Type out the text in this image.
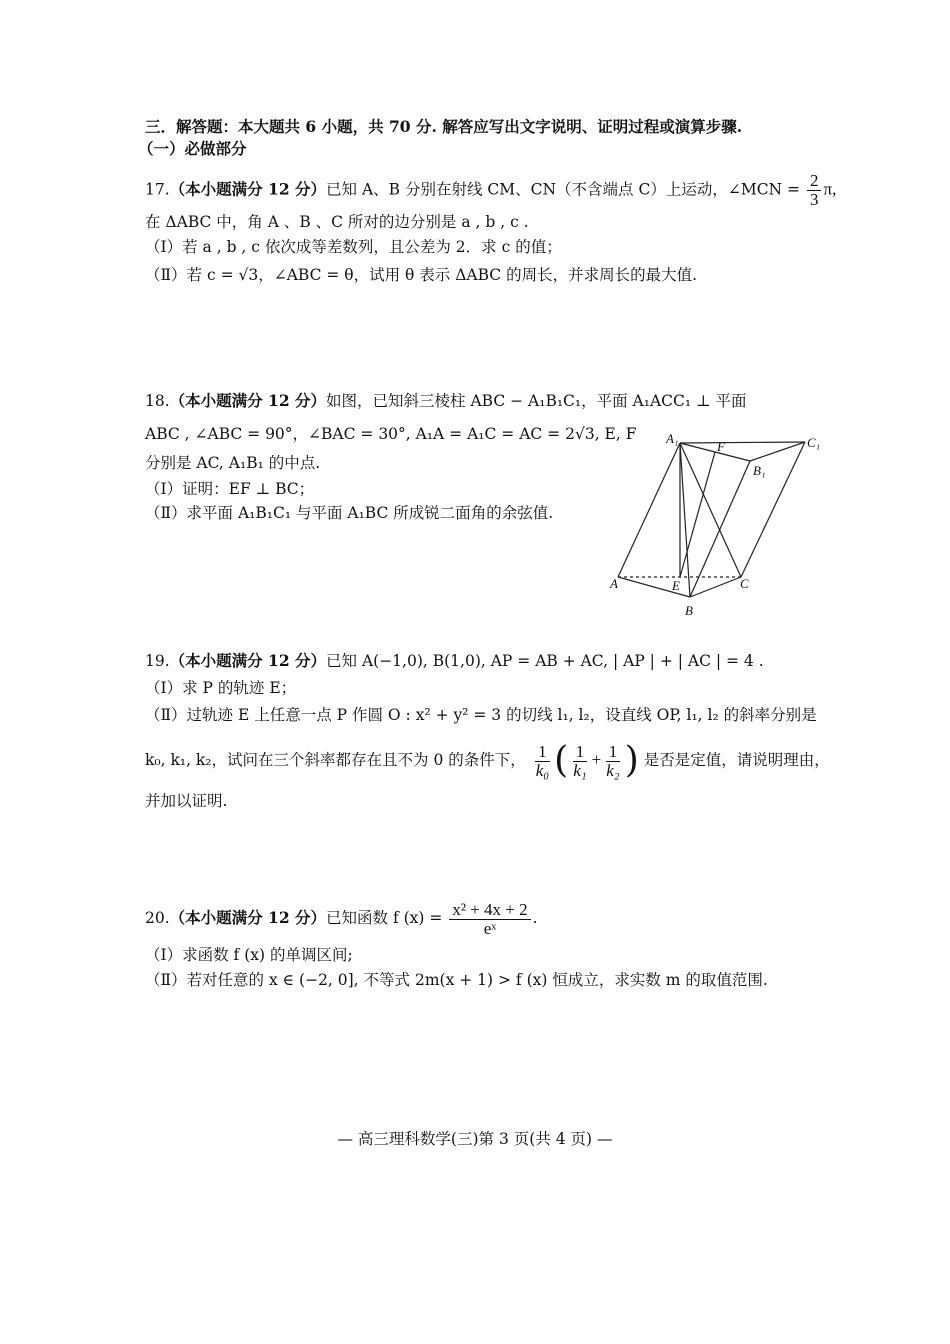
三．解答题：本大题共 6 小题，共 70 分. 解答应写出文字说明、证明过程或演算步骤.
（一）必做部分
17.（本小题满分 12 分）已知 A、B 分别在射线 CM、CN（不含端点 C）上运动，∠MCN = $\frac{2}{3} \pi$,
在 ΔABC 中，角 A 、B 、C 所对的边分别是 a , b , c .
（Ⅰ）若 a , b , c 依次成等差数列，且公差为 2．求 c 的值；
（Ⅱ）若 c = √3，∠ABC = θ，试用 θ 表示 ΔABC 的周长，并求周长的最大值.
18.（本小题满分 12 分）如图，已知斜三棱柱 ABC − A₁B₁C₁，平面 A₁ACC₁ ⊥ 平面
ABC , ∠ABC = 90°，∠BAC = 30°, A₁A = A₁C = AC = 2√3, E, F
分别是 AC, A₁B₁ 的中点.
（Ⅰ）证明：EF ⊥ BC；
（Ⅱ）求平面 A₁B₁C₁ 与平面 A₁BC 所成锐二面角的余弦值.
A₁
F	C₁
B₁
A	E	C
B
19.（本小题满分 12 分）已知 A(−1,0), B(1,0), AP = AB + AC, | AP | + | AC | = 4 .
（Ⅰ）求 P 的轨迹 E；
（Ⅱ）过轨迹 E 上任意一点 P 作圆 O : x² + y² = 3 的切线 l₁, l₂，设直线 OP, l₁, l₂ 的斜率分别是
k₀, k₁, k₂，试问在三个斜率都存在且不为 0 的条件下， $\frac{1}{\text{k₀}}$ ( $\frac{1}{\text{k₁}} + \frac{1}{\text{k₂}}$ ) 是否是定值，请说明理由，
并加以证明.
20.（本小题满分 12 分）已知函数 f $(x) = \frac{\text{x² + 4x + 2}}{\text{eˣ}}$ .
（Ⅰ）求函数 f (x) 的单调区间;
（Ⅱ）若对任意的 x ∈ (−2, 0], 不等式 2m(x + 1) > f (x) 恒成立，求实数 m 的取值范围.
— 高三理科数学(三)第 3 页(共 4 页) —
